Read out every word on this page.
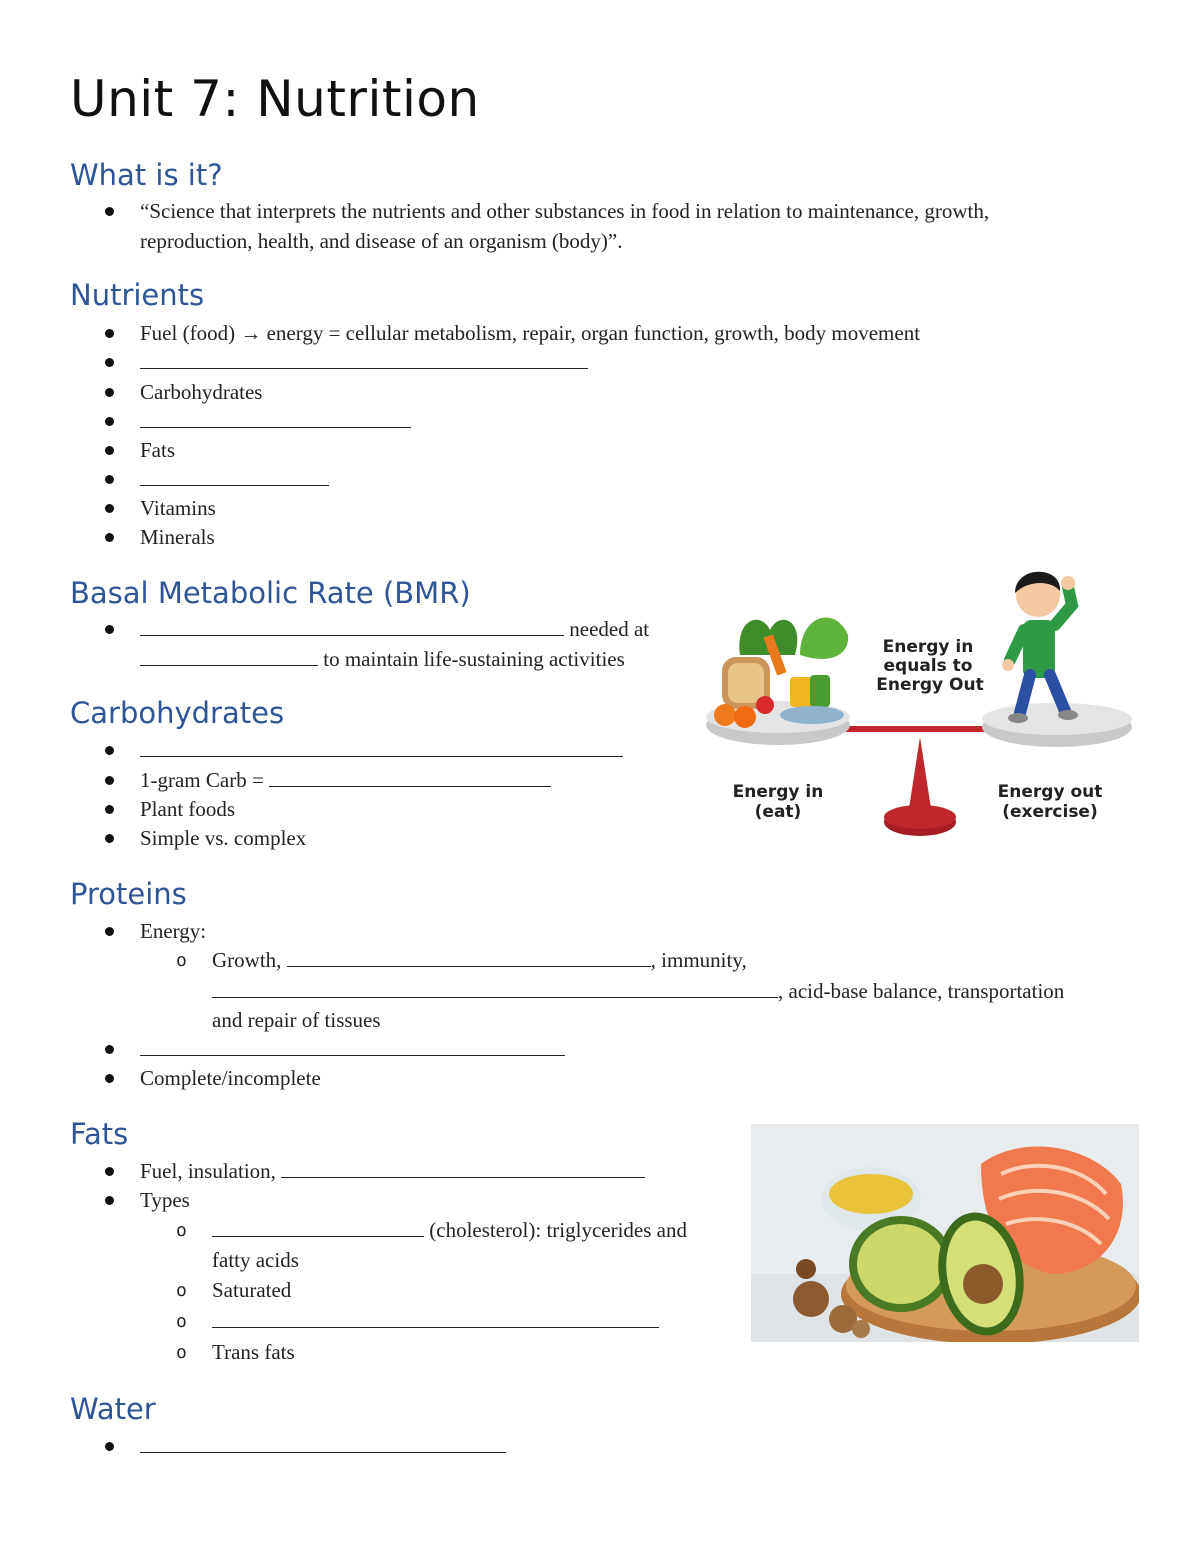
Unit 7: Nutrition
What is it?
“Science that interprets the nutrients and other substances in food in relation to maintenance, growth,
reproduction, health, and disease of an organism (body)”.
Nutrients
Fuel (food) → energy = cellular metabolism, repair, organ function, growth, body movement
Carbohydrates
Fats
Vitamins
Minerals
Basal Metabolic Rate (BMR)
needed at
to maintain life-sustaining activities
Carbohydrates
1-gram Carb =
Plant foods
Simple vs. complex
Proteins
Energy:
o Growth,	, immunity,
, acid-base balance, transportation
and repair of tissues
Complete/incomplete
Fats
Fuel, insulation,
Types
o	(cholesterol): triglycerides and
fatty acids
o Saturated
o
o Trans fats
Water
Energy in
equals to
Energy Out
Energy in
(eat)
Energy out
(exercise)
